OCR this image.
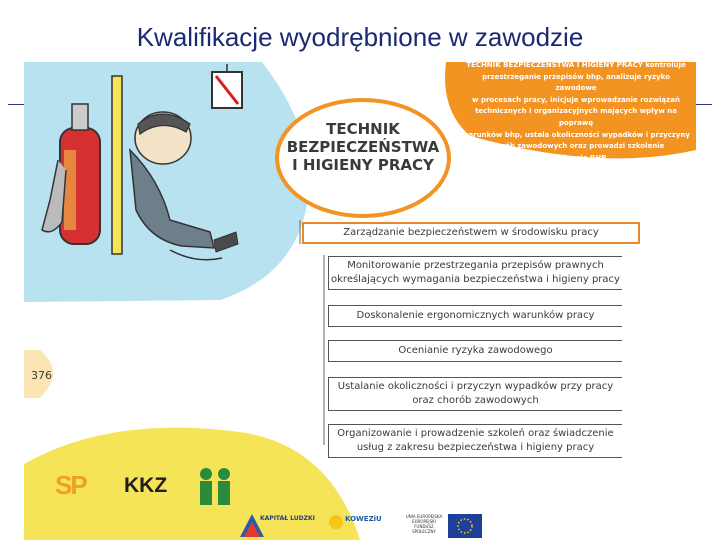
Kwalifikacje wyodrębnione w zawodzie
TECHNIK
BEZPIECZEŃSTWA
I HIGIENY PRACY
TECHNIK BEZPIECZEŃSTWA I HIGIENY PRACY kontroluje
przestrzeganie przepisów bhp, analizuje ryzyko zawodowe
w procesach pracy, inicjuje wprowadzanie rozwiązań
technicznych i organizacyjnych mających wpływ na poprawę
warunków bhp, ustala okoliczności wypadków i przyczyny
chorób zawodowych oraz prowadzi szkolenie
w zakresie BHP
Zarządzanie bezpieczeństwem w środowisku pracy
Monitorowanie przestrzegania przepisów prawnych
określających wymagania bezpieczeństwa i higieny pracy
Doskonalenie ergonomicznych warunków pracy
Ocenianie ryzyka zawodowego
Ustalanie okoliczności i przyczyn wypadków przy pracy
oraz chorób zawodowych
Organizowanie i prowadzenie szkoleń oraz świadczenie
usług z zakresu bezpieczeństwa i higieny pracy
376
SP KKZ
KAPITAŁ LUDZKI	KOWEZiU	UNIA EUROPEJSKA
EUROPEJSKI
FUNDUSZ SPOŁECZNY
